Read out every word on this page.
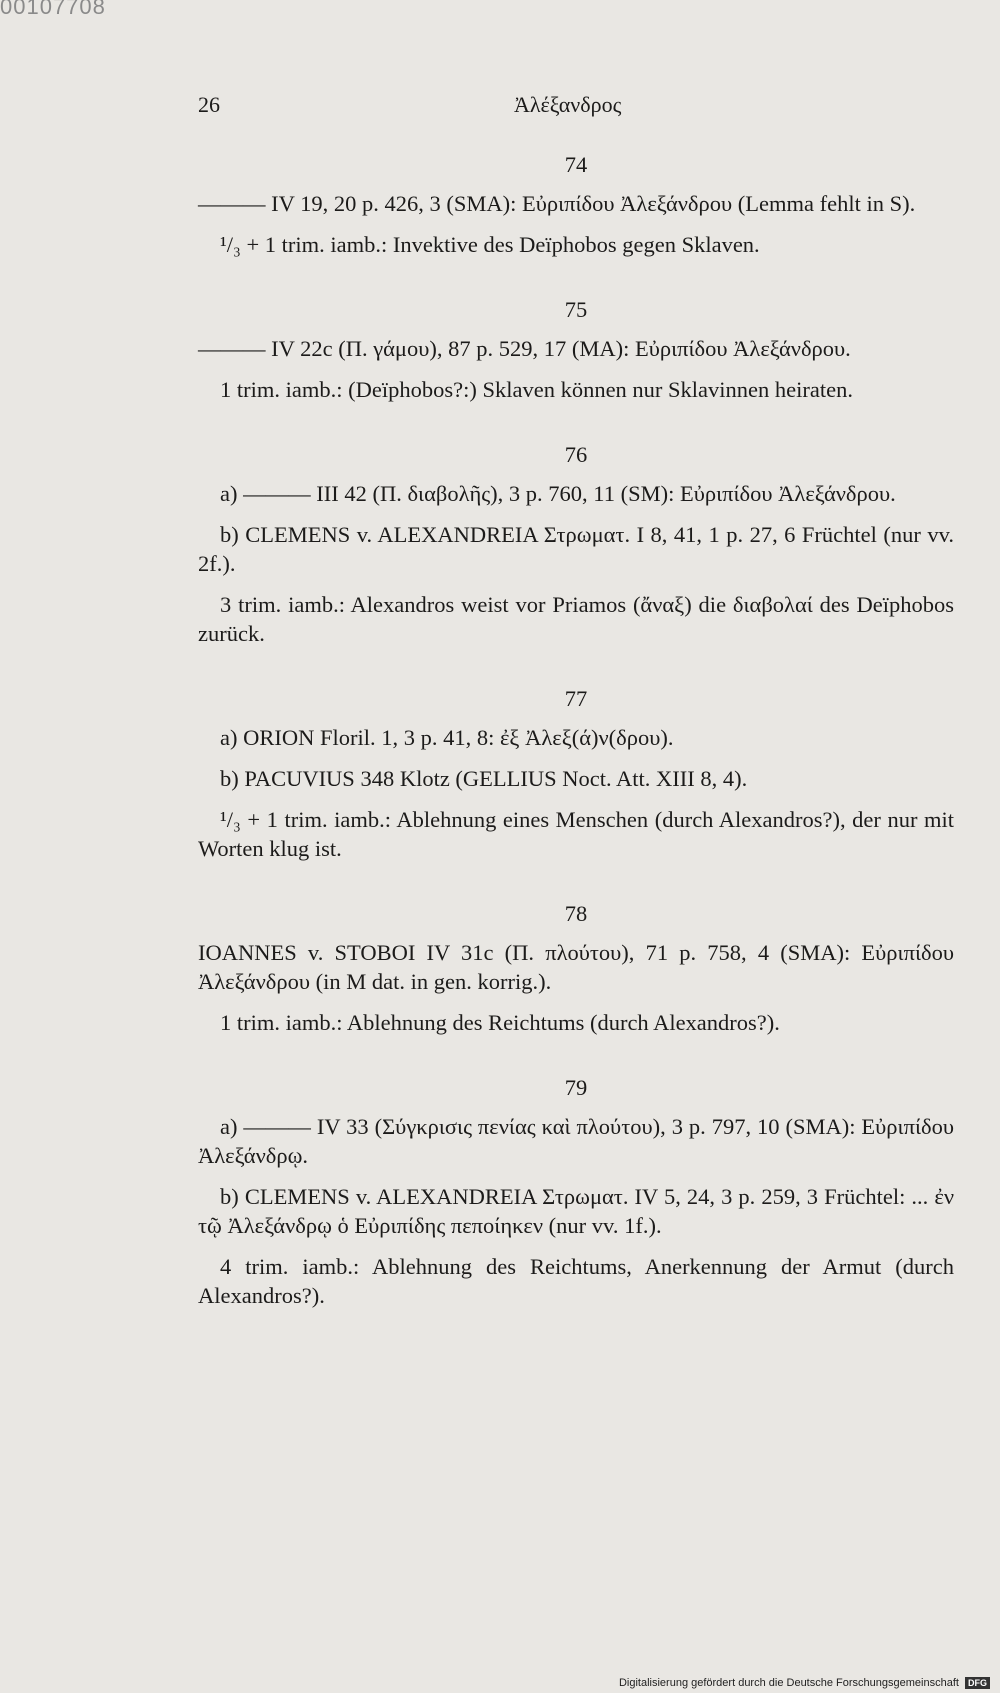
00107708
26	Ἀλέξανδρος
74

——— IV 19, 20 p. 426, 3 (SMA): Εὐριπίδου Ἀλεξάνδρου (Lemma fehlt in S).

¹/₃ + 1 trim. iamb.: Invektive des Deïphobos gegen Sklaven.

75

——— IV 22c (Π. γάμου), 87 p. 529, 17 (MA): Εὐριπίδου Ἀλεξάνδρου.

1 trim. iamb.: (Deïphobos?:) Sklaven können nur Sklavinnen heiraten.

76

a) ——— III 42 (Π. διαβολῆς), 3 p. 760, 11 (SM): Εὐριπίδου Ἀλεξάνδρου.

b) CLEMENS v. ALEXANDREIA Στρωματ. I 8, 41, 1 p. 27, 6 Früchtel (nur vv. 2f.).

3 trim. iamb.: Alexandros weist vor Priamos (ἄναξ) die διαβολαί des Deïphobos zurück.

77

a) ORION Floril. 1, 3 p. 41, 8: ἐξ Ἀλεξ(ά)ν(δρου).

b) PACUVIUS 348 Klotz (GELLIUS Noct. Att. XIII 8, 4).

¹/₃ + 1 trim. iamb.: Ablehnung eines Menschen (durch Alexandros?), der nur mit Worten klug ist.

78

IOANNES v. STOBOI IV 31c (Π. πλούτου), 71 p. 758, 4 (SMA): Εὐριπίδου Ἀλεξάνδρου (in M dat. in gen. korrig.).

1 trim. iamb.: Ablehnung des Reichtums (durch Alexandros?).

79

a) ——— IV 33 (Σύγκρισις πενίας καὶ πλούτου), 3 p. 797, 10 (SMA): Εὐριπίδου Ἀλεξάνδρῳ.

b) CLEMENS v. ALEXANDREIA Στρωματ. IV 5, 24, 3 p. 259, 3 Früchtel: ... ἐν τῷ Ἀλεξάνδρῳ ὁ Εὐριπίδης πεποίηκεν (nur vv. 1f.).

4 trim. iamb.: Ablehnung des Reichtums, Anerkennung der Armut (durch Alexandros?).

Digitalisierung gefördert durch die Deutsche Forschungsgemeinschaft DFG
